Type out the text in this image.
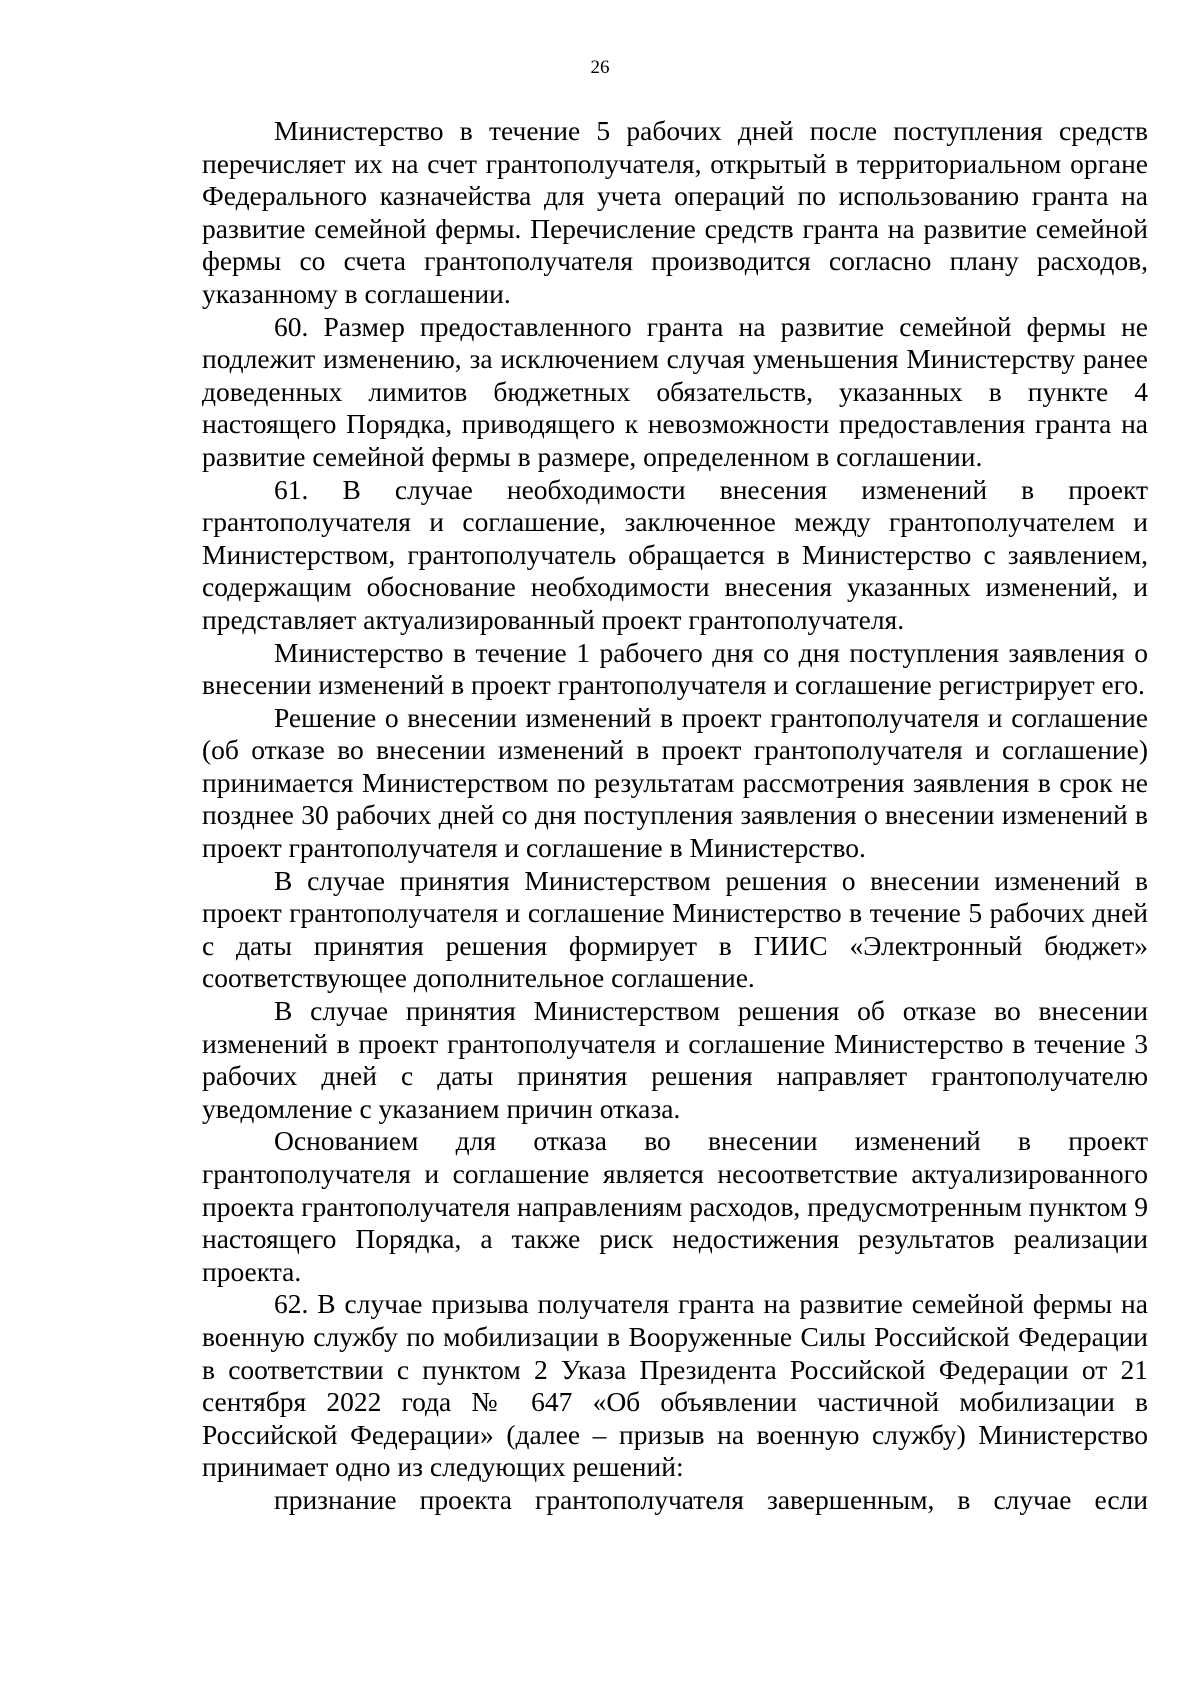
26

Министерство в течение 5 рабочих дней после поступления средств перечисляет их на счет грантополучателя, открытый в территориальном органе Федерального казначейства для учета операций по использованию гранта на развитие семейной фермы. Перечисление средств гранта на развитие семейной фермы со счета грантополучателя производится согласно плану расходов, указанному в соглашении.

60. Размер предоставленного гранта на развитие семейной фермы не подлежит изменению, за исключением случая уменьшения Министерству ранее доведенных лимитов бюджетных обязательств, указанных в пункте 4 настоящего Порядка, приводящего к невозможности предоставления гранта на развитие семейной фермы в размере, определенном в соглашении.

61. В случае необходимости внесения изменений в проект грантополучателя и соглашение, заключенное между грантополучателем и Министерством, грантополучатель обращается в Министерство с заявлением, содержащим обоснование необходимости внесения указанных изменений, и представляет актуализированный проект грантополучателя.

Министерство в течение 1 рабочего дня со дня поступления заявления о внесении изменений в проект грантополучателя и соглашение регистрирует его.

Решение о внесении изменений в проект грантополучателя и соглашение (об отказе во внесении изменений в проект грантополучателя и соглашение) принимается Министерством по результатам рассмотрения заявления в срок не позднее 30 рабочих дней со дня поступления заявления о внесении изменений в проект грантополучателя и соглашение в Министерство.

В случае принятия Министерством решения о внесении изменений в проект грантополучателя и соглашение Министерство в течение 5 рабочих дней с даты принятия решения формирует в ГИИС «Электронный бюджет» соответствующее дополнительное соглашение.

В случае принятия Министерством решения об отказе во внесении изменений в проект грантополучателя и соглашение Министерство в течение 3 рабочих дней с даты принятия решения направляет грантополучателю уведомление с указанием причин отказа.

Основанием для отказа во внесении изменений в проект грантополучателя и соглашение является несоответствие актуализированного проекта грантополучателя направлениям расходов, предусмотренным пунктом 9 настоящего Порядка, а также риск недостижения результатов реализации проекта.

62. В случае призыва получателя гранта на развитие семейной фермы на военную службу по мобилизации в Вооруженные Силы Российской Федерации в соответствии с пунктом 2 Указа Президента Российской Федерации от 21 сентября 2022 года № 647 «Об объявлении частичной мобилизации в Российской Федерации» (далее – призыв на военную службу) Министерство принимает одно из следующих решений:

признание проекта грантополучателя завершенным, в случае если
